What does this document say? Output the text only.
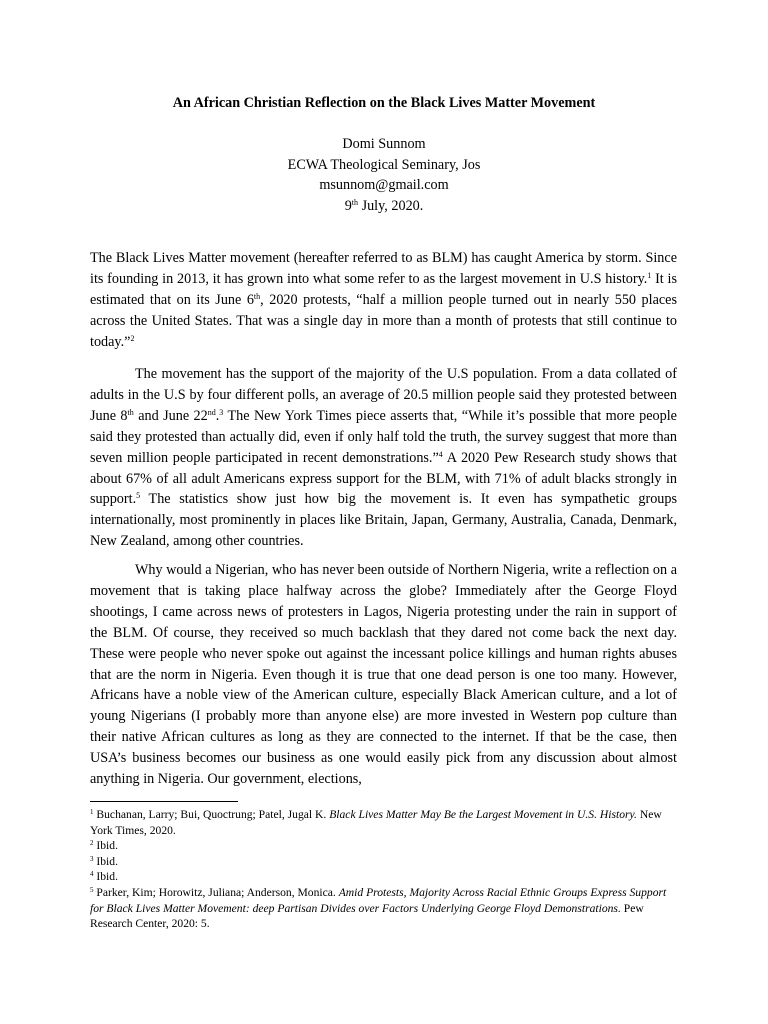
An African Christian Reflection on the Black Lives Matter Movement
Domi Sunnom
ECWA Theological Seminary, Jos
msunnom@gmail.com
9th July, 2020.

The Black Lives Matter movement (hereafter referred to as BLM) has caught America by storm. Since its founding in 2013, it has grown into what some refer to as the largest movement in U.S history.$^1$ It is estimated that on its June 6th, 2020 protests, “half a million people turned out in nearly 550 places across the United States. That was a single day in more than a month of protests that still continue to today.”$^2$

The movement has the support of the majority of the U.S population. From a data collated of adults in the U.S by four different polls, an average of 20.5 million people said they protested between June 8th and June 22nd.$^3$ The New York Times piece asserts that, “While it’s possible that more people said they protested than actually did, even if only half told the truth, the survey suggest that more than seven million people participated in recent demonstrations.”$^4$ A 2020 Pew Research study shows that about 67% of all adult Americans express support for the BLM, with 71% of adult blacks strongly in support.$^5$ The statistics show just how big the movement is. It even has sympathetic groups internationally, most prominently in places like Britain, Japan, Germany, Australia, Canada, Denmark, New Zealand, among other countries.

Why would a Nigerian, who has never been outside of Northern Nigeria, write a reflection on a movement that is taking place halfway across the globe? Immediately after the George Floyd shootings, I came across news of protesters in Lagos, Nigeria protesting under the rain in support of the BLM. Of course, they received so much backlash that they dared not come back the next day. These were people who never spoke out against the incessant police killings and human rights abuses that are the norm in Nigeria. Even though it is true that one dead person is one too many. However, Africans have a noble view of the American culture, especially Black American culture, and a lot of young Nigerians (I probably more than anyone else) are more invested in Western pop culture than their native African cultures as long as they are connected to the internet. If that be the case, then USA’s business becomes our business as one would easily pick from any discussion about almost anything in Nigeria. Our government, elections,

$^1$ Buchanan, Larry; Bui, Quoctrung; Patel, Jugal K. Black Lives Matter May Be the Largest Movement in U.S. History. New York Times, 2020.

$^2$ Ibid.

$^3$ Ibid.

$^4$ Ibid.

$^5$ Parker, Kim; Horowitz, Juliana; Anderson, Monica. Amid Protests, Majority Across Racial Ethnic Groups Express Support for Black Lives Matter Movement: deep Partisan Divides over Factors Underlying George Floyd Demonstrations. Pew Research Center, 2020: 5.
